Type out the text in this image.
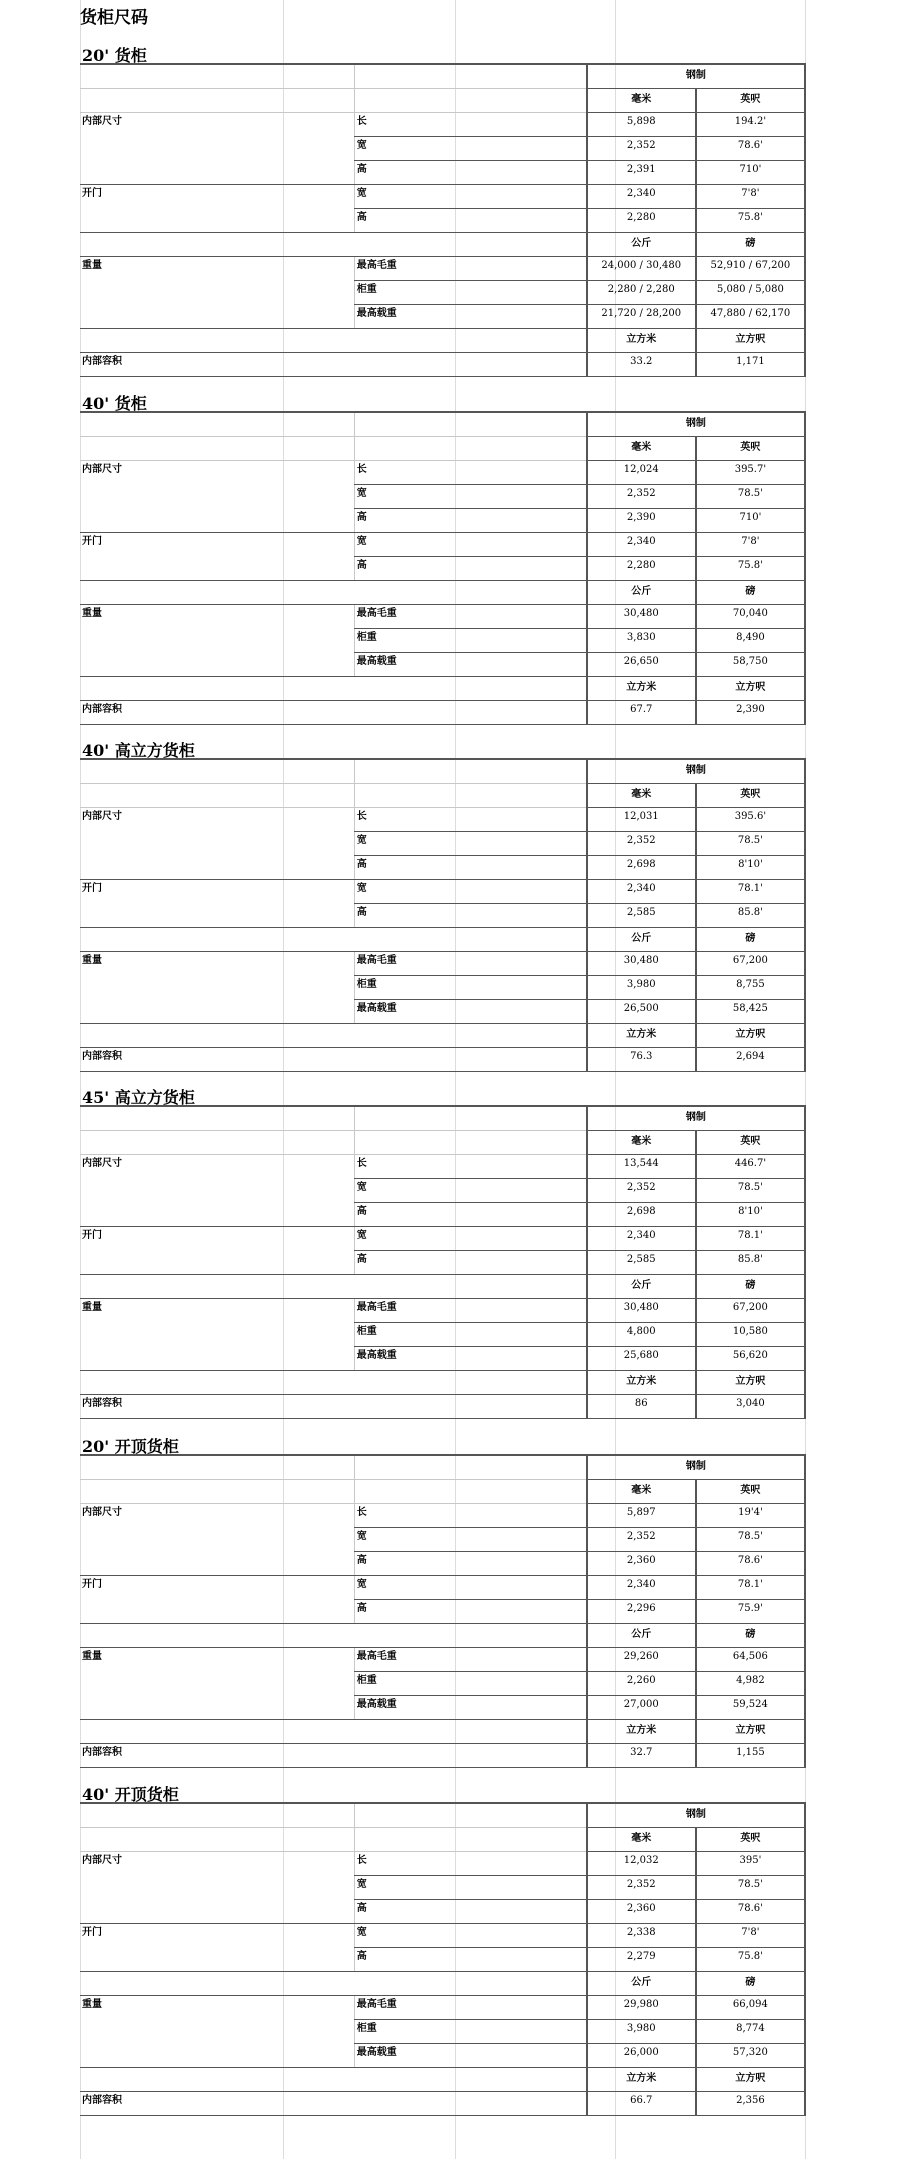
货柜尺码
20' 货柜
		钢制	
		毫米	英呎
内部尺寸	长	5,898	194.2'
	宽	2,352	78.6'
	高	2,391	710'
开门	宽	2,340	7'8'
	高	2,280	75.8'
		公斤	磅
重量	最高毛重	24,000 / 30,480	52,910 / 67,200
	柜重	2,280 / 2,280	5,080 / 5,080
	最高载重	21,720 / 28,200	47,880 / 62,170
		立方米	立方呎
内部容积		33.2	1,171
40' 货柜
		钢制	
		毫米	英呎
内部尺寸	长	12,024	395.7'
	宽	2,352	78.5'
	高	2,390	710'
开门	宽	2,340	7'8'
	高	2,280	75.8'
		公斤	磅
重量	最高毛重	30,480	70,040
	柜重	3,830	8,490
	最高载重	26,650	58,750
		立方米	立方呎
内部容积		67.7	2,390
40' 高立方货柜
		钢制	
		毫米	英呎
内部尺寸	长	12,031	395.6'
	宽	2,352	78.5'
	高	2,698	8'10'
开门	宽	2,340	78.1'
	高	2,585	85.8'
		公斤	磅
重量	最高毛重	30,480	67,200
	柜重	3,980	8,755
	最高载重	26,500	58,425
		立方米	立方呎
内部容积		76.3	2,694
45' 高立方货柜
		钢制	
		毫米	英呎
内部尺寸	长	13,544	446.7'
	宽	2,352	78.5'
	高	2,698	8'10'
开门	宽	2,340	78.1'
	高	2,585	85.8'
		公斤	磅
重量	最高毛重	30,480	67,200
	柜重	4,800	10,580
	最高载重	25,680	56,620
		立方米	立方呎
内部容积		86	3,040
20' 开顶货柜
		钢制	
		毫米	英呎
内部尺寸	长	5,897	19'4'
	宽	2,352	78.5'
	高	2,360	78.6'
开门	宽	2,340	78.1'
	高	2,296	75.9'
		公斤	磅
重量	最高毛重	29,260	64,506
	柜重	2,260	4,982
	最高载重	27,000	59,524
		立方米	立方呎
内部容积		32.7	1,155
40' 开顶货柜
		钢制	
		毫米	英呎
内部尺寸	长	12,032	395'
	宽	2,352	78.5'
	高	2,360	78.6'
开门	宽	2,338	7'8'
	高	2,279	75.8'
		公斤	磅
重量	最高毛重	29,980	66,094
	柜重	3,980	8,774
	最高载重	26,000	57,320
		立方米	立方呎
内部容积		66.7	2,356
